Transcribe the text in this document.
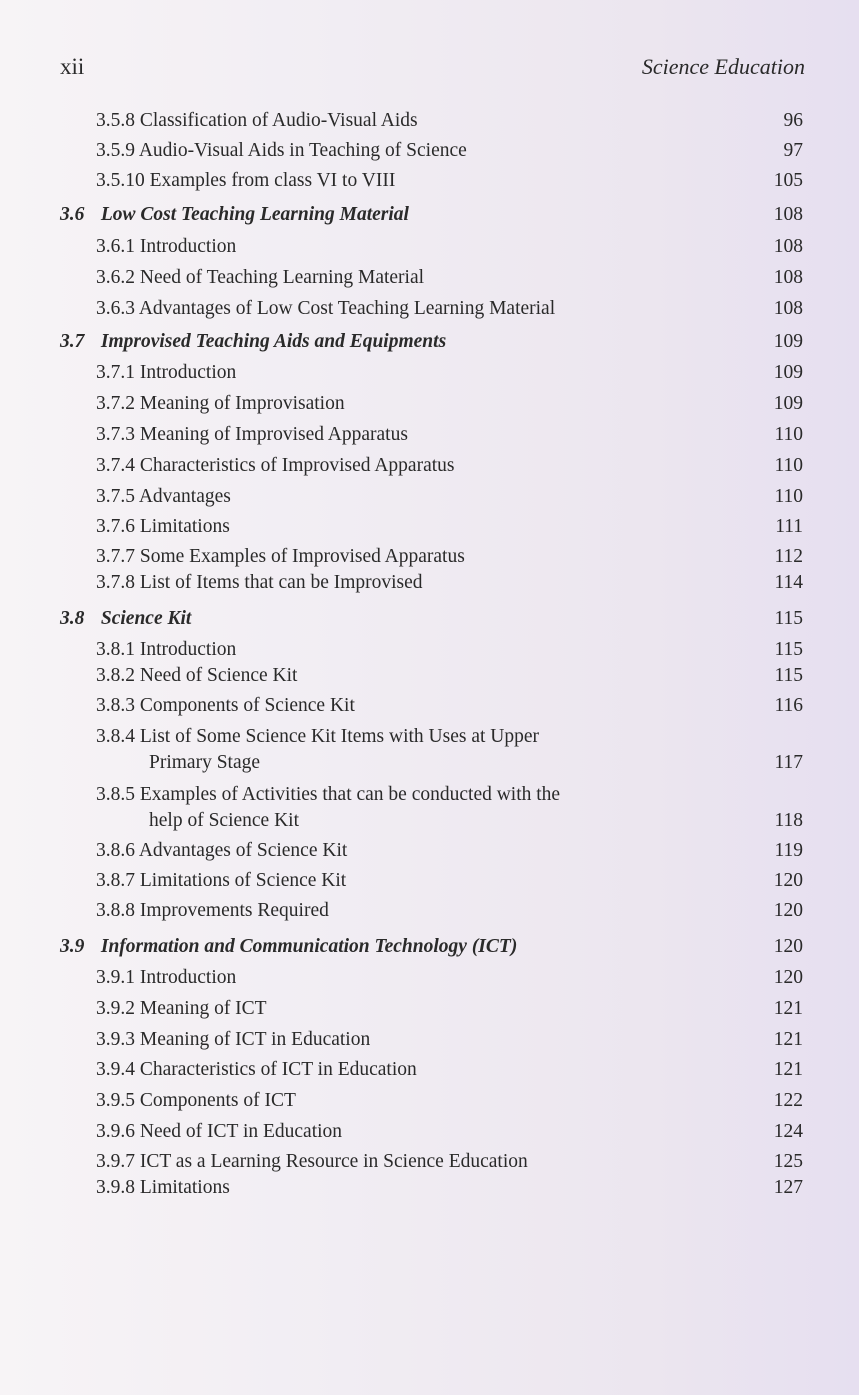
xii	Science Education
3.5.8 Classification of Audio-Visual Aids	96
3.5.9 Audio-Visual Aids in Teaching of Science	97
3.5.10 Examples from class VI to VIII	105
3.6 Low Cost Teaching Learning Material	108
3.6.1 Introduction	108
3.6.2 Need of Teaching Learning Material	108
3.6.3 Advantages of Low Cost Teaching Learning Material	108
3.7 Improvised Teaching Aids and Equipments	109
3.7.1 Introduction	109
3.7.2 Meaning of Improvisation	109
3.7.3 Meaning of Improvised Apparatus	110
3.7.4 Characteristics of Improvised Apparatus	110
3.7.5 Advantages	110
3.7.6 Limitations	111
3.7.7 Some Examples of Improvised Apparatus	112
3.7.8 List of Items that can be Improvised	114
3.8 Science Kit	115
3.8.1 Introduction	115
3.8.2 Need of Science Kit	115
3.8.3 Components of Science Kit	116
3.8.4 List of Some Science Kit Items with Uses at Upper
Primary Stage	117
3.8.5 Examples of Activities that can be conducted with the
help of Science Kit	118
3.8.6 Advantages of Science Kit	119
3.8.7 Limitations of Science Kit	120
3.8.8 Improvements Required	120
3.9 Information and Communication Technology (ICT)	120
3.9.1 Introduction	120
3.9.2 Meaning of ICT	121
3.9.3 Meaning of ICT in Education	121
3.9.4 Characteristics of ICT in Education	121
3.9.5 Components of ICT	122
3.9.6 Need of ICT in Education	124
3.9.7 ICT as a Learning Resource in Science Education	125
3.9.8 Limitations	127
